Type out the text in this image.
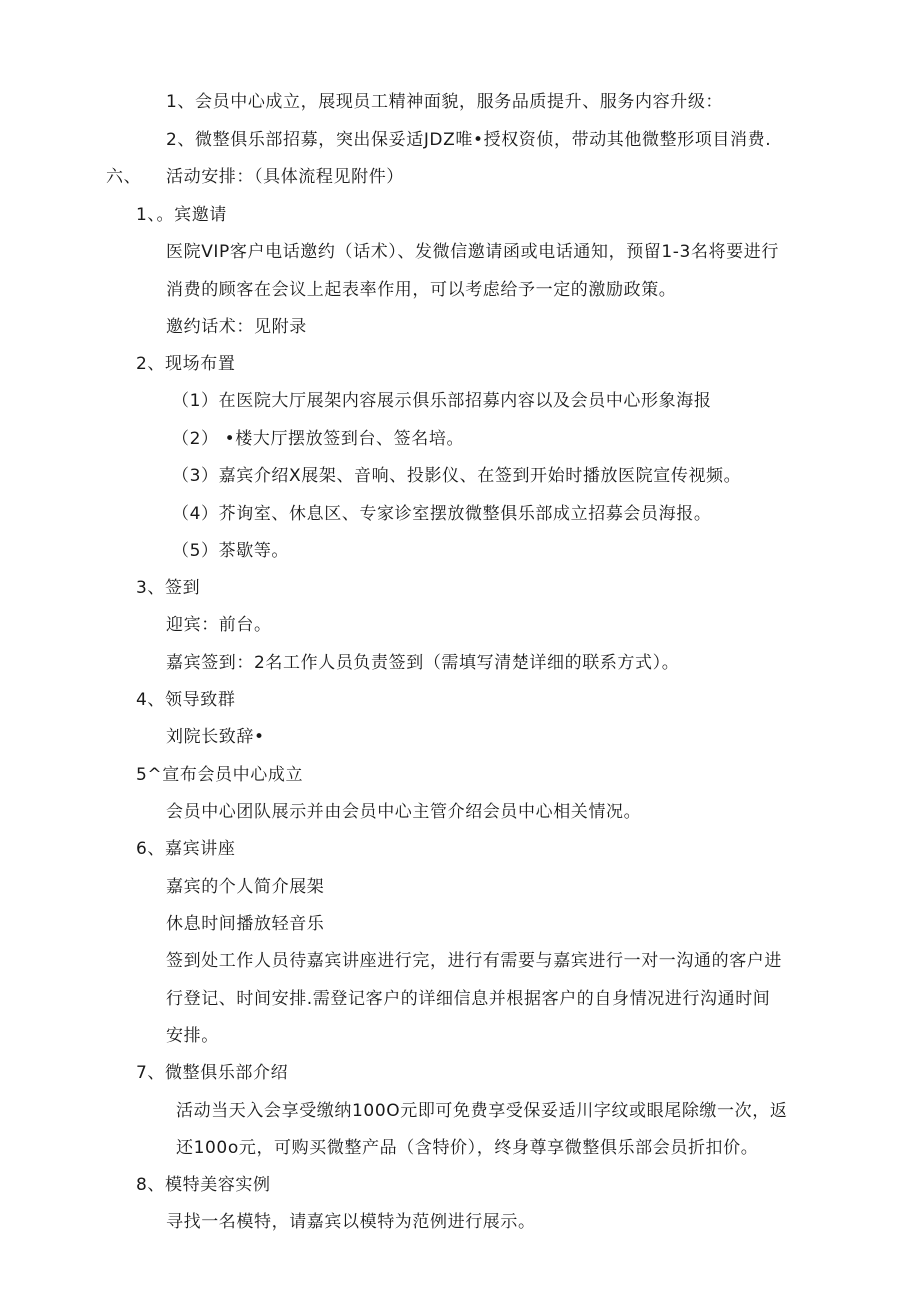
1、会员中心成立，展现员工精神面貌，服务品质提升、服务内容升级：
2、微整俱乐部招募，突出保妥适JDZ唯•授权资侦，带动其他微整形项目消费.
六、 活动安排：（具体流程见附件）
1、。宾邀请
医院VIP客户电话邀约（话术）、发微信邀请函或电话通知，预留1-3名将要进行
消费的顾客在会议上起表率作用，可以考虑给予一定的激励政策。
邀约话术：见附录
2、现场布置
（1）在医院大厅展架内容展示俱乐部招募内容以及会员中心形象海报
（2） •楼大厅摆放签到台、签名培。
（3）嘉宾介绍X展架、音响、投影仪、在签到开始时播放医院宣传视频。
（4）芥询室、休息区、专家诊室摆放微整俱乐部成立招募会员海报。
（5）茶歇等。
3、签到
迎宾：前台。
嘉宾签到：2名工作人员负责签到（需填写清楚详细的联系方式）。
4、领导致群
刘院长致辞•
5^宣布会员中心成立
会员中心团队展示并由会员中心主管介绍会员中心相关情况。
6、嘉宾讲座
嘉宾的个人简介展架
休息时间播放轻音乐
签到处工作人员待嘉宾讲座进行完，进行有需要与嘉宾进行一对一沟通的客户进
行登记、时间安排.需登记客户的详细信息并根据客户的自身情况进行沟通时间
安排。
7、微整俱乐部介绍
活动当天入会享受缴纳100O元即可免费享受保妥适川字纹或眼尾除缴一次，返
还100o元，可购买微整产品（含特价），终身尊享微整俱乐部会员折扣价。
8、模特美容实例
寻找一名模特，请嘉宾以模特为范例进行展示。
